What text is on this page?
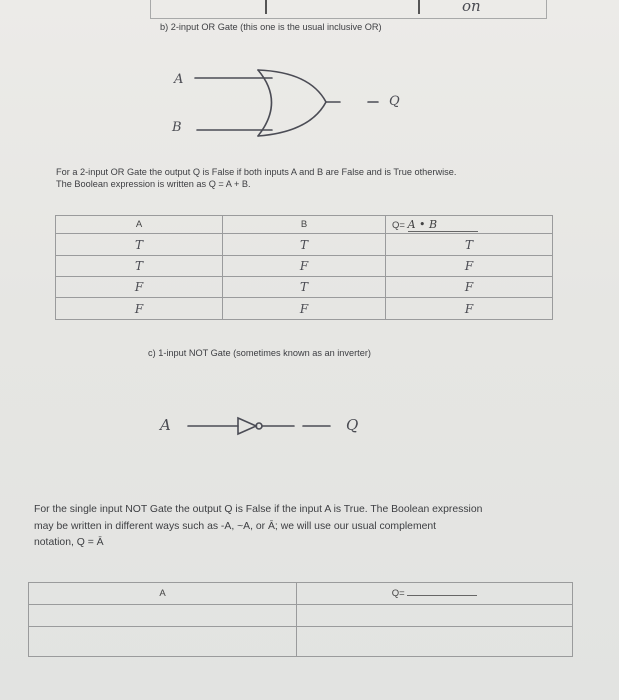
on
b) 2-input OR Gate (this one is the usual inclusive OR)
A
B
Q
For a 2-input OR Gate the output Q is False if both inputs A and B are False and is True otherwise.
The Boolean expression is written as Q = A + B.
A	B	Q= A • B
T	T	T
T	F	F
F	T	F
F	F	F
c) 1-input NOT Gate (sometimes known as an inverter)
A	Q
For the single input NOT Gate the output Q is False if the input A is True. The Boolean expression
may be written in different ways such as -A, ~A, or Ā; we will use our usual complement
notation, Q = Ā
A	Q=
